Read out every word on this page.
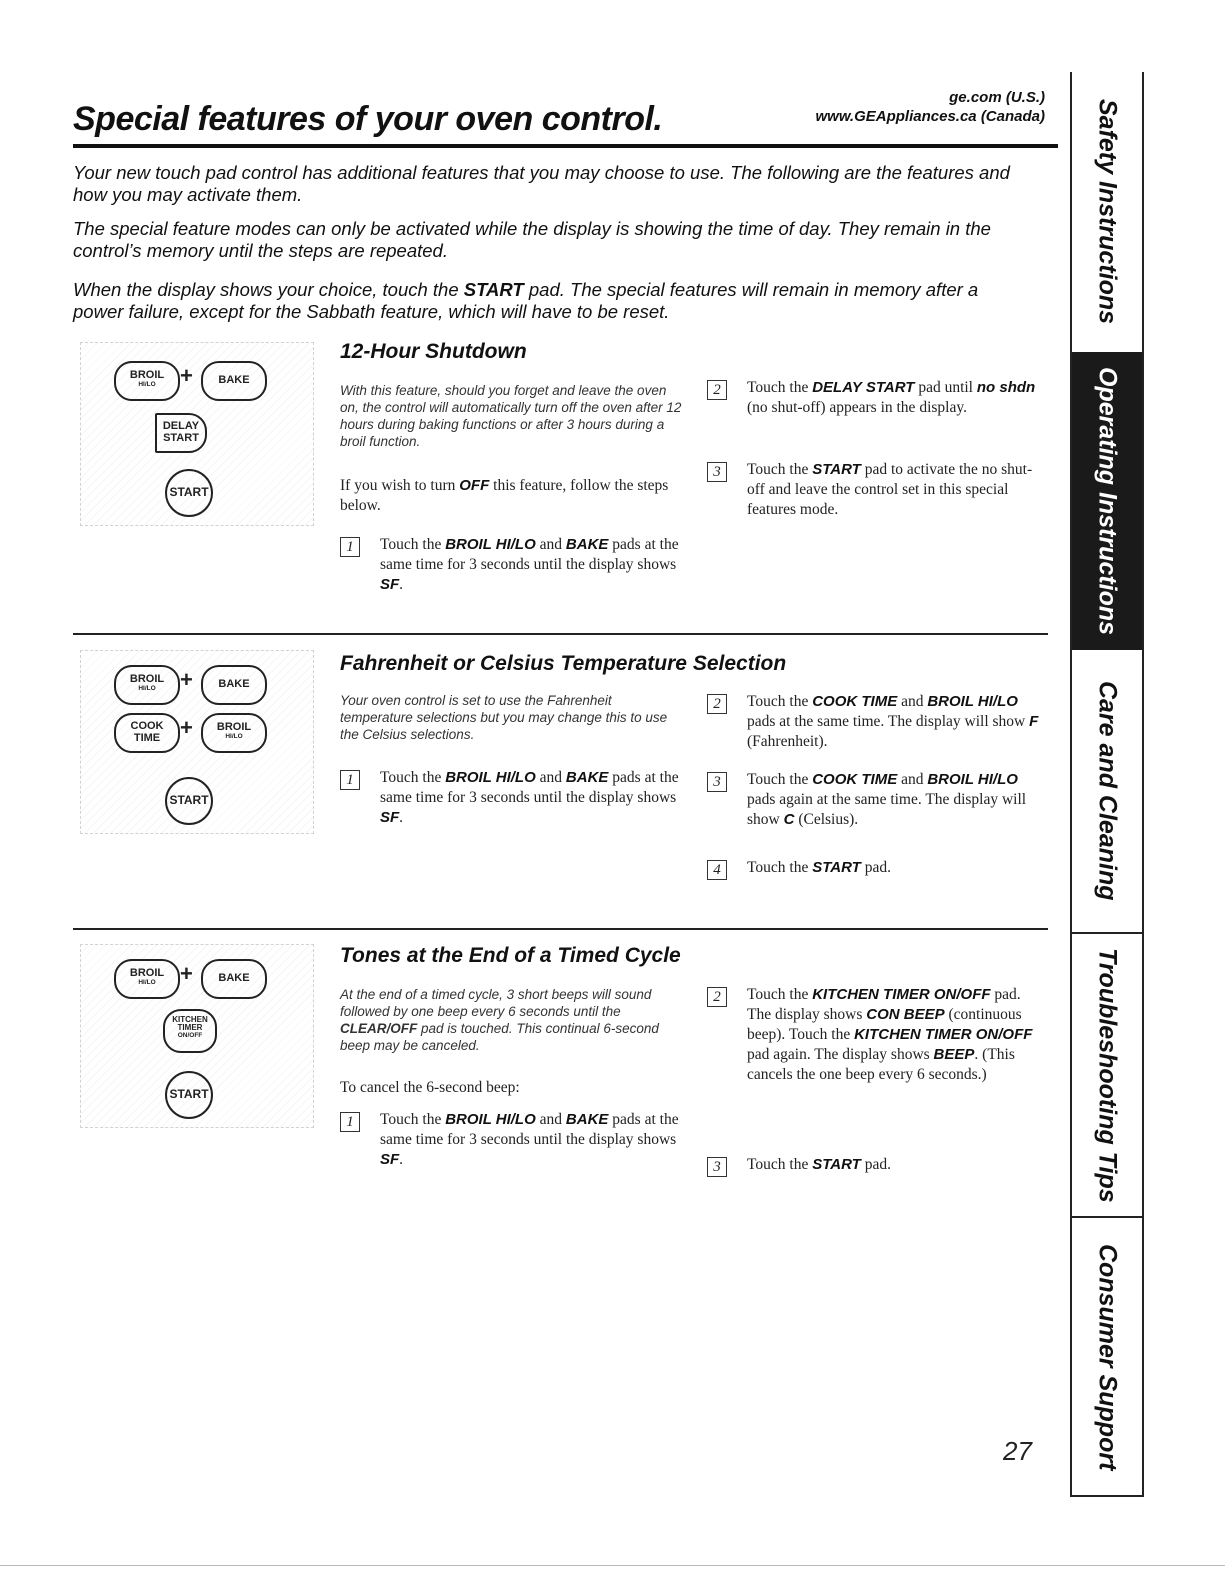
Special features of your oven control.
ge.com (U.S.)
www.GEAppliances.ca (Canada)
Your new touch pad control has additional features that you may choose to use. The following are the features and how you may activate them.
The special feature modes can only be activated while the display is showing the time of day. They remain in the control’s memory until the steps are repeated.
When the display shows your choice, touch the START pad. The special features will remain in memory after a power failure, except for the Sabbath feature, which will have to be reset.
BROIL
HI/LO	+	BAKE
DELAY
START
START
12-Hour Shutdown
With this feature, should you forget and leave the oven on, the control will automatically turn off the oven after 12 hours during baking functions or after 3 hours during a broil function.
If you wish to turn OFF this feature, follow the steps below.
1	Touch the BROIL HI/LO and BAKE pads at the same time for 3 seconds until the display shows SF.
2	Touch the DELAY START pad until no shdn (no shut-off) appears in the display.
3	Touch the START pad to activate the no shut-off and leave the control set in this special features mode.
BROIL
HI/LO	+	BAKE
COOK
TIME +	BROIL
HI/LO
START
Fahrenheit or Celsius Temperature Selection
Your oven control is set to use the Fahrenheit temperature selections but you may change this to use the Celsius selections.
1	Touch the BROIL HI/LO and BAKE pads at the same time for 3 seconds until the display shows SF.
2	Touch the COOK TIME and BROIL HI/LO pads at the same time. The display will show F (Fahrenheit).
3	Touch the COOK TIME and BROIL HI/LO pads again at the same time. The display will show C (Celsius).
4	Touch the START pad.
BROIL
HI/LO	+	BAKE
KITCHEN
TIMER
ON/OFF
START
Tones at the End of a Timed Cycle
At the end of a timed cycle, 3 short beeps will sound followed by one beep every 6 seconds until the CLEAR/OFF pad is touched. This continual 6-second beep may be canceled.
To cancel the 6-second beep:
1	Touch the BROIL HI/LO and BAKE pads at the same time for 3 seconds until the display shows SF.
2	Touch the KITCHEN TIMER ON/OFF pad. The display shows CON BEEP (continuous beep). Touch the KITCHEN TIMER ON/OFF pad again. The display shows BEEP. (This cancels the one beep every 6 seconds.)
3	Touch the START pad.
Safety Instructions
Operating Instructions
Care and Cleaning
Troubleshooting Tips
Consumer Support
27
